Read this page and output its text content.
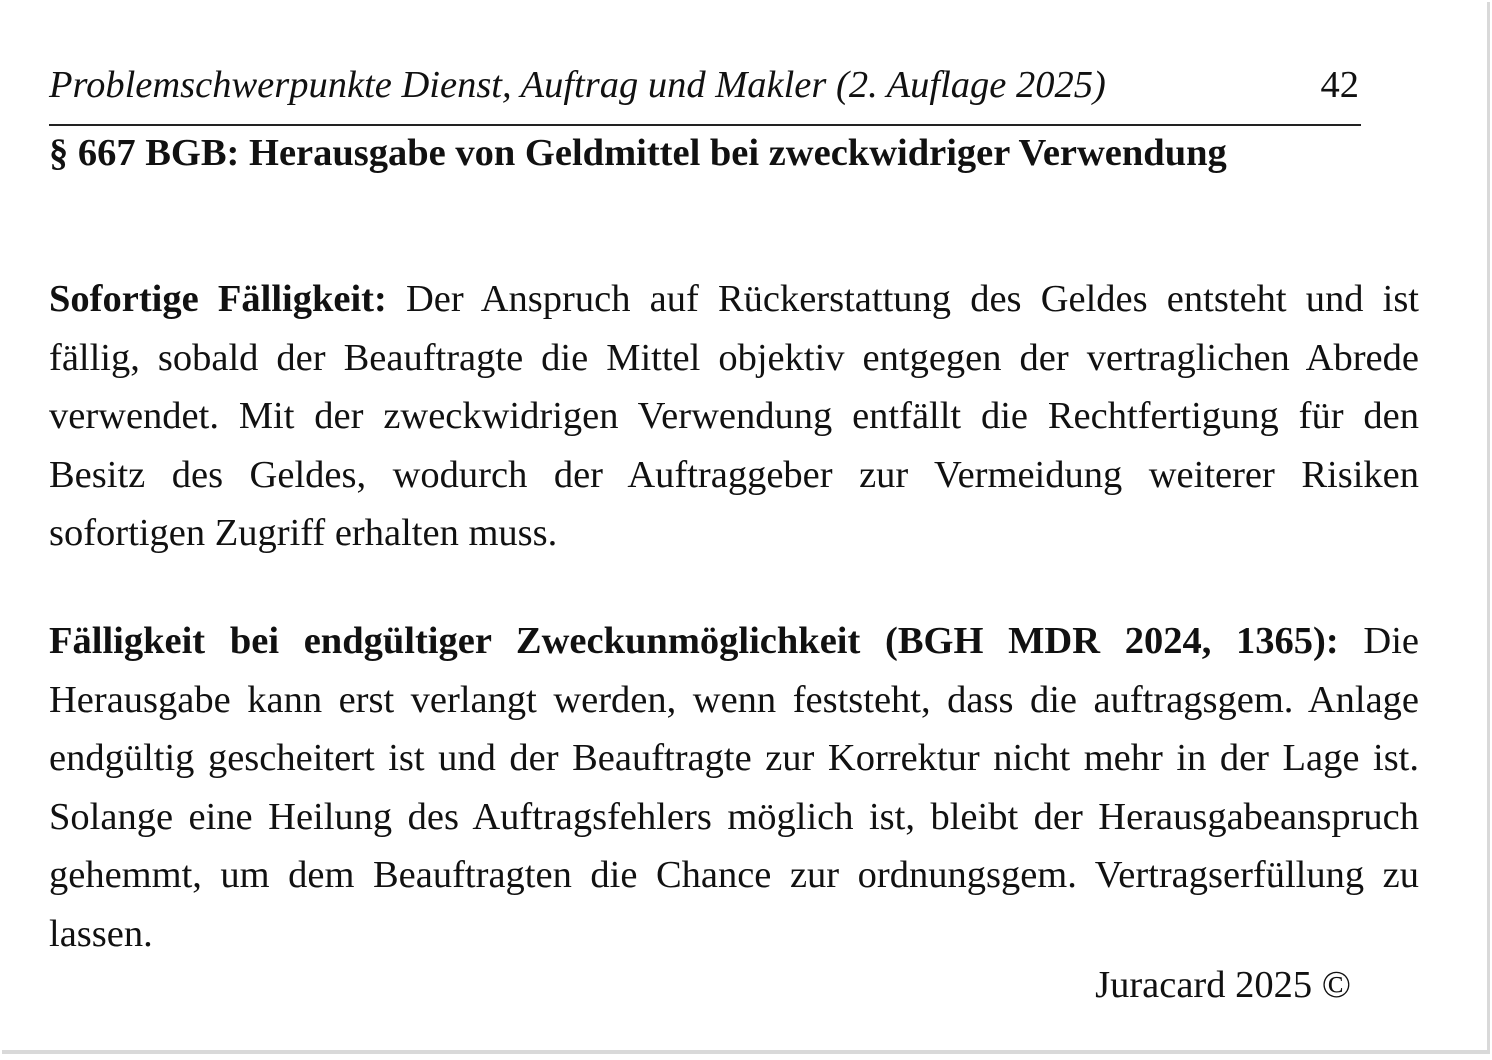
Problemschwerpunkte Dienst, Auftrag und Makler (2. Auflage 2025)	42
§ 667 BGB: Herausgabe von Geldmittel bei zweckwidriger Verwendung

Sofortige Fälligkeit: Der Anspruch auf Rückerstattung des Geldes entsteht und ist fällig, sobald der Beauftragte die Mittel objektiv entgegen der vertraglichen Abrede verwendet. Mit der zweckwidrigen Verwendung entfällt die Rechtfertigung für den Besitz des Geldes, wodurch der Auftraggeber zur Vermeidung weiterer Risiken sofortigen Zugriff erhalten muss.

Fälligkeit bei endgültiger Zweckunmöglichkeit (BGH MDR 2024, 1365): Die Herausgabe kann erst verlangt werden, wenn feststeht, dass die auftragsgem. Anlage endgültig gescheitert ist und der Beauftragte zur Korrektur nicht mehr in der Lage ist. Solange eine Heilung des Auftragsfehlers möglich ist, bleibt der Herausgabeanspruch gehemmt, um dem Beauftragten die Chance zur ordnungsgem. Vertragserfüllung zu lassen.

Juracard 2025 ©
